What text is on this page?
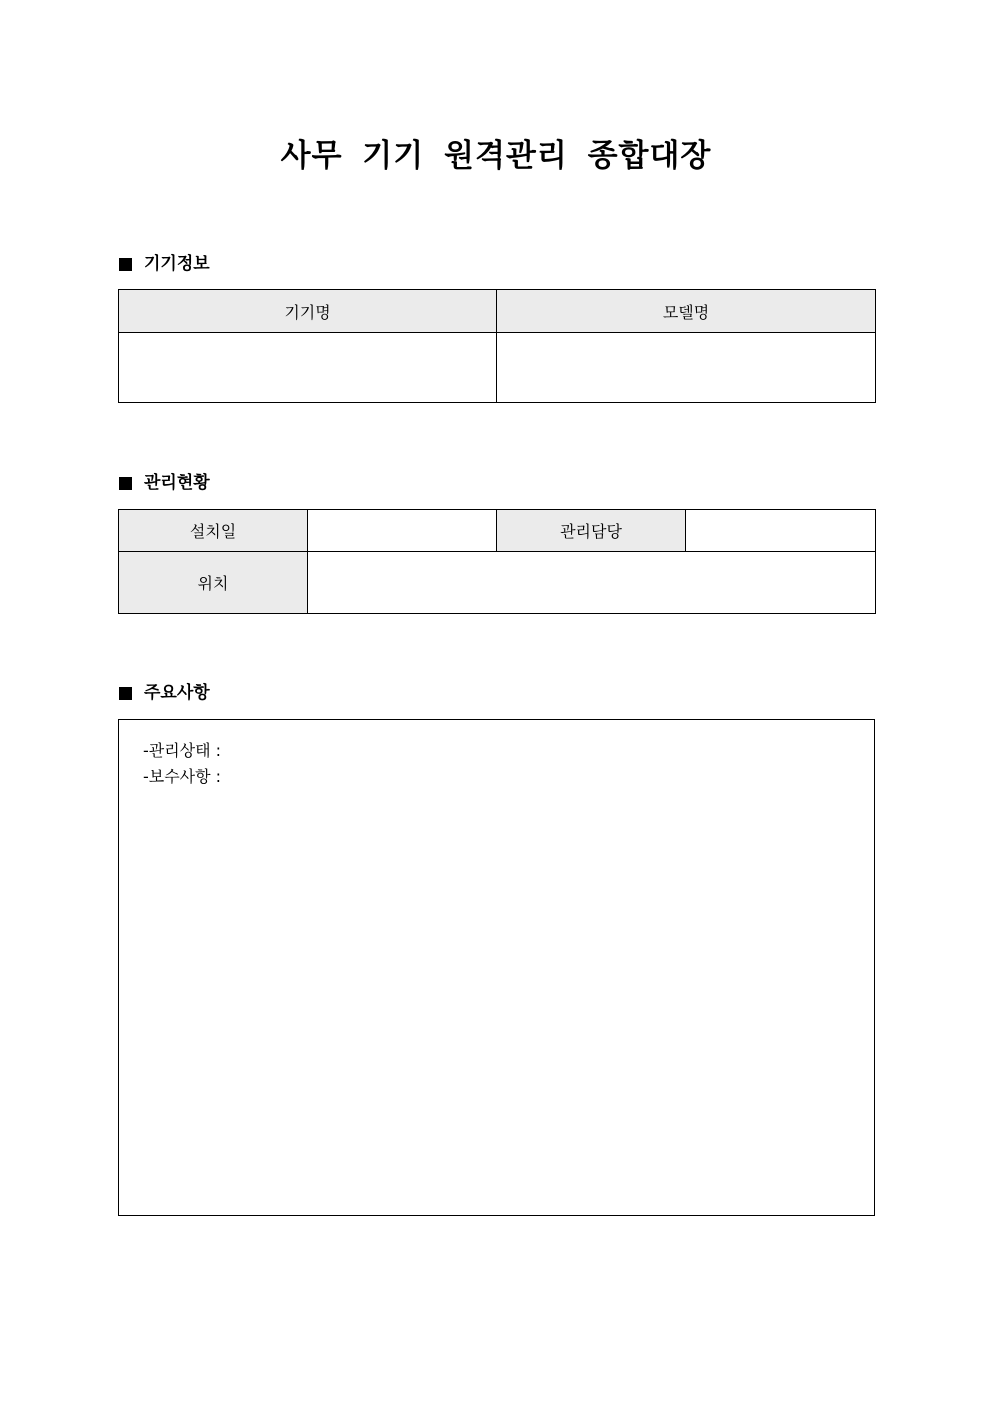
사무 기기 원격관리 종합대장
기기정보
기기명	모델명

관리현황
설치일		관리담당	
위치			
주요사항
-관리상태 :
-보수사항 :
